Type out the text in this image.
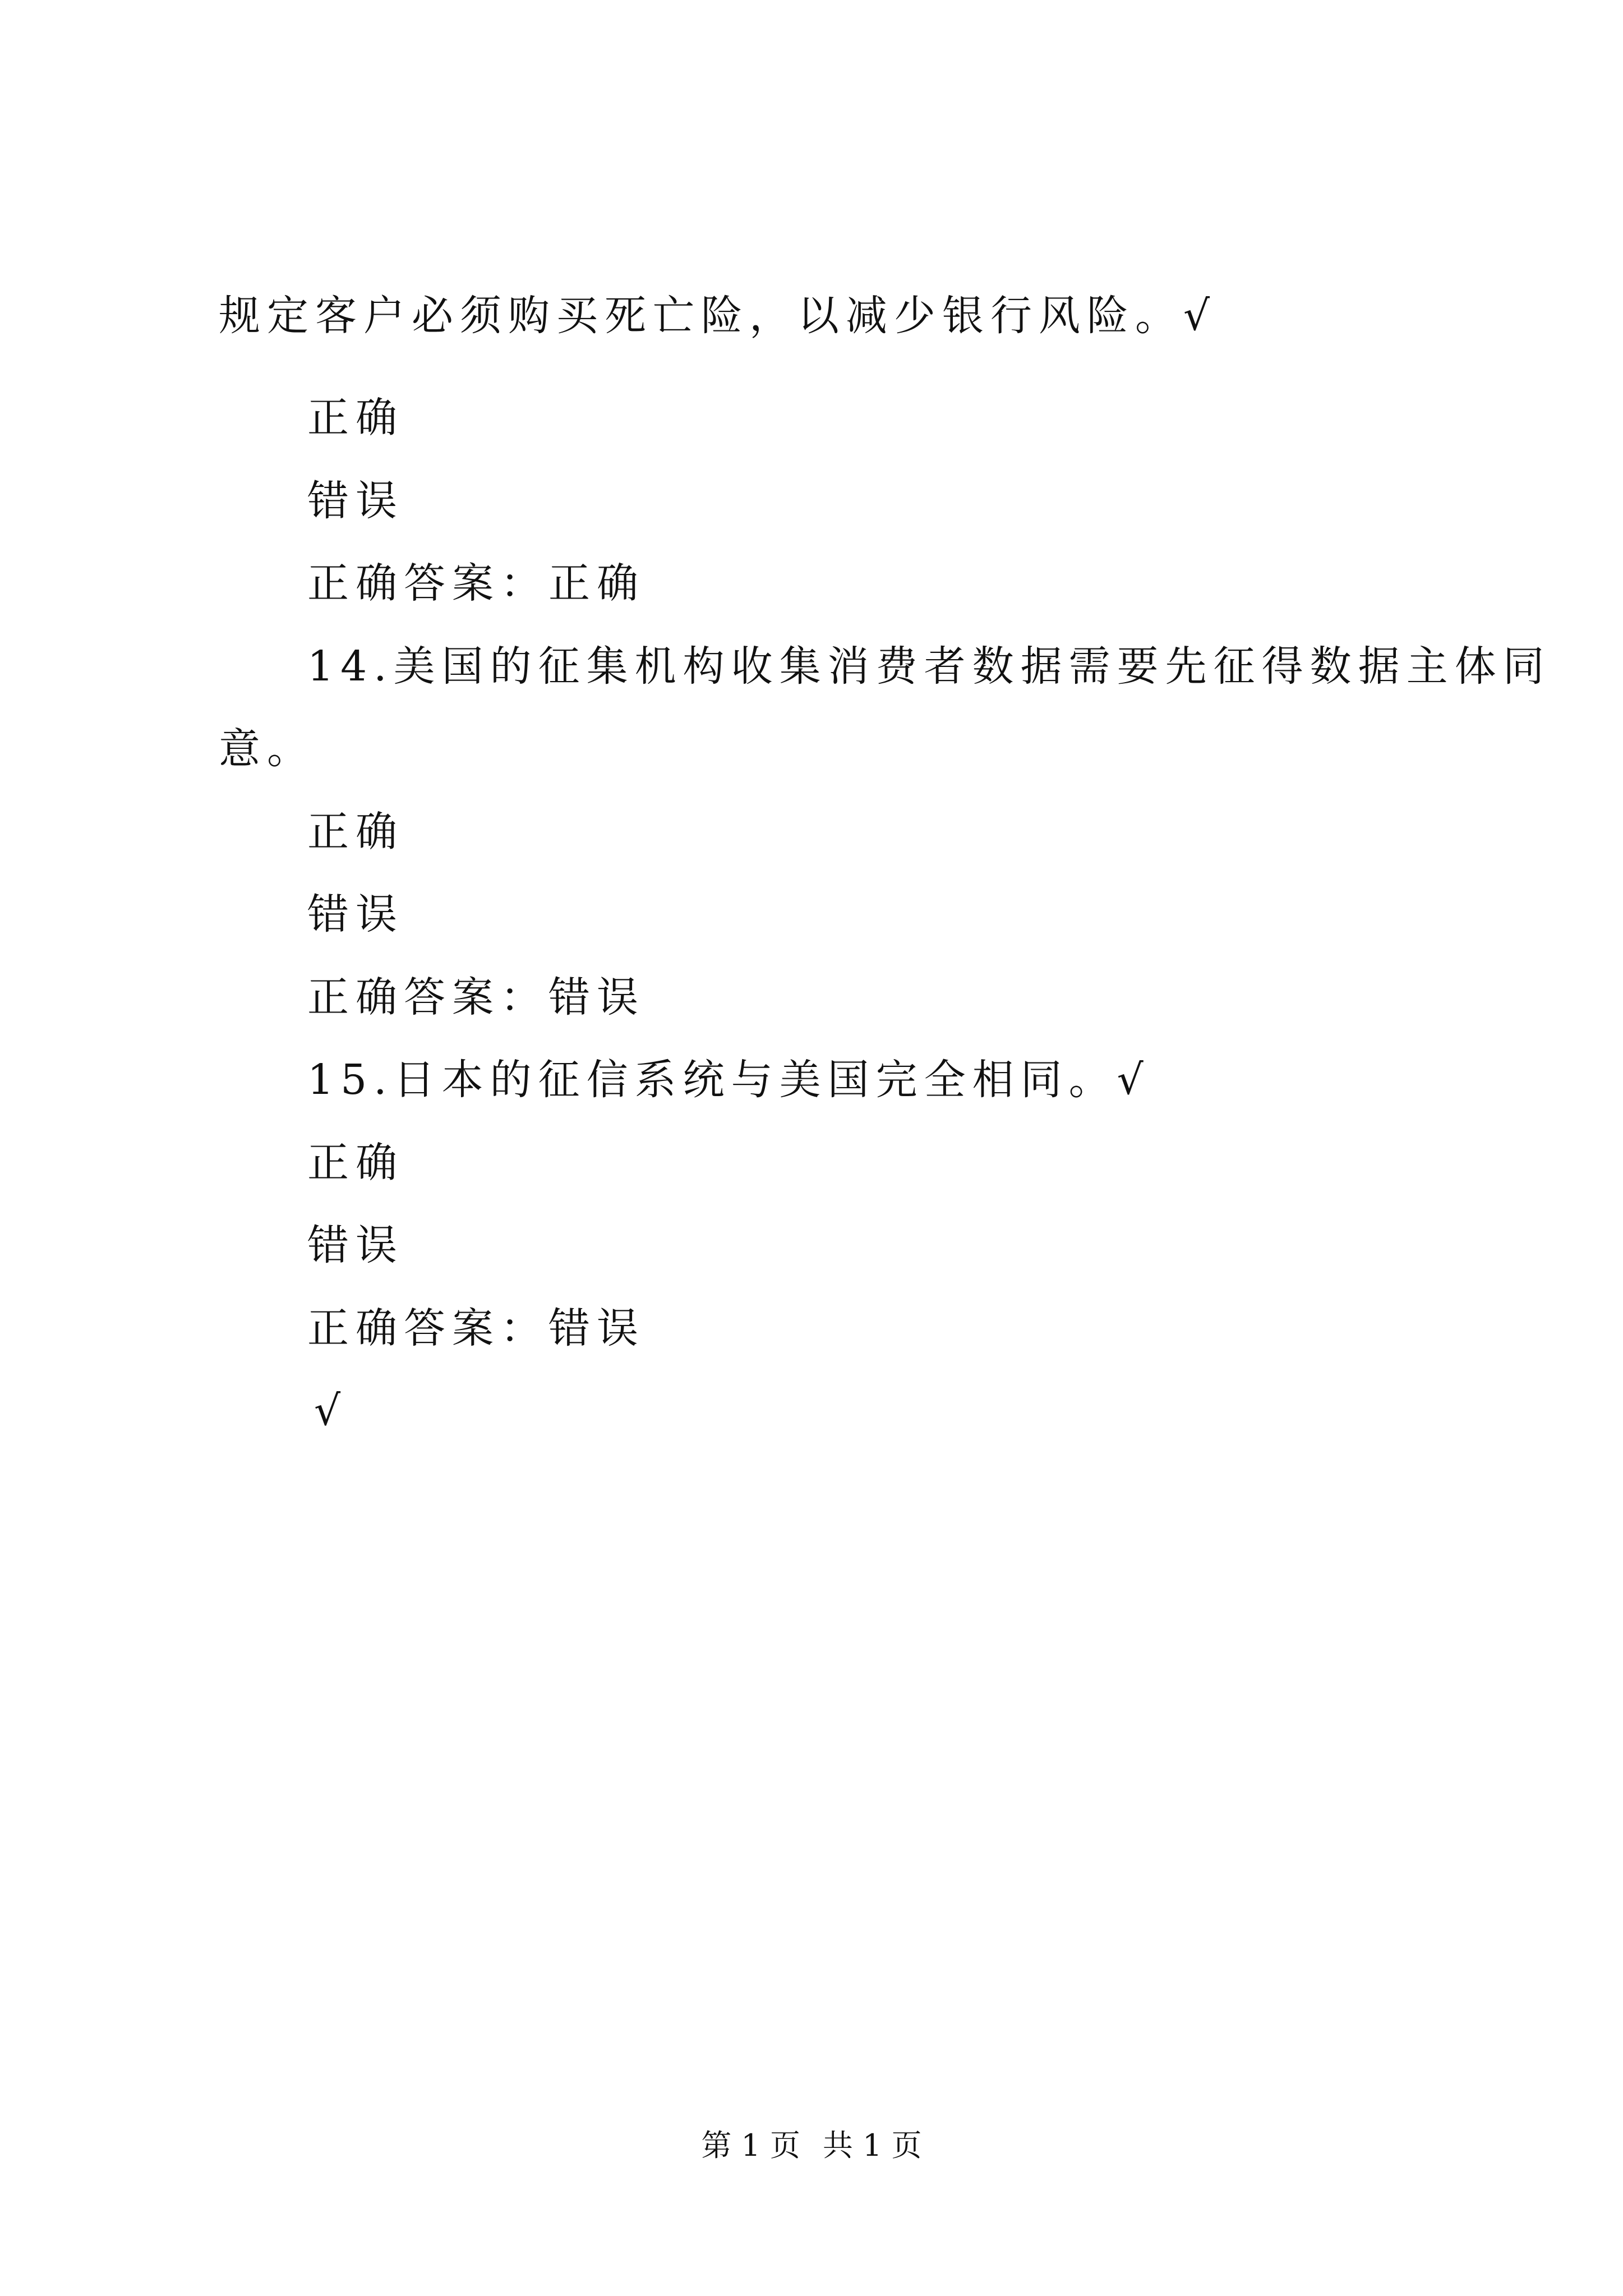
规定客户必须购买死亡险，以减少银行风险。√
正确
错误
正确答案：正确
14.美国的征集机构收集消费者数据需要先征得数据主体同
意。
正确
错误
正确答案：错误
15.日本的征信系统与美国完全相同。√
正确
错误
正确答案：错误
√
第 1 页 共 1 页
